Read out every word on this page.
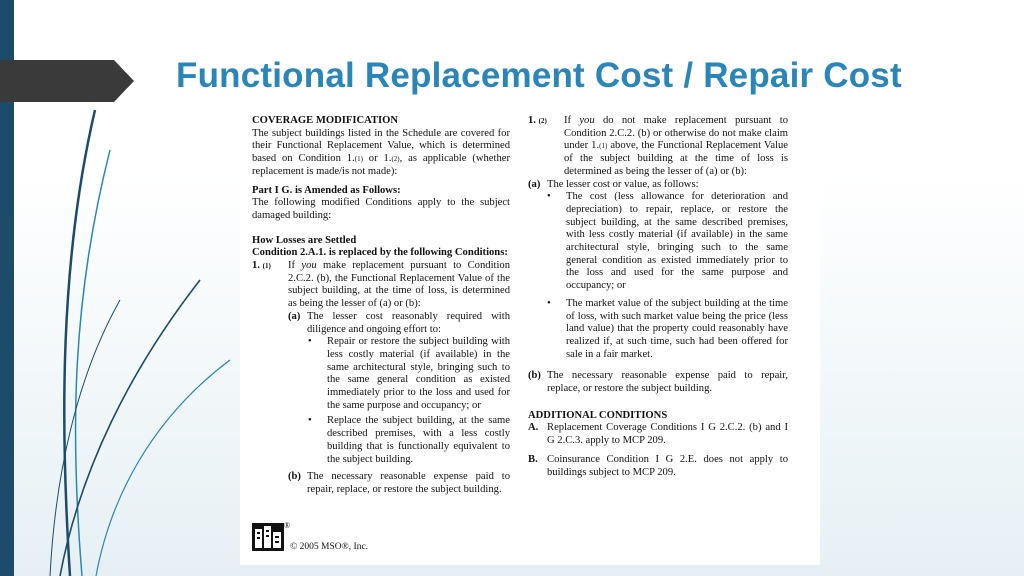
Functional Replacement Cost / Repair Cost
COVERAGE MODIFICATION
The subject buildings listed in the Schedule are covered for their Functional Replacement Value, which is determined based on Condition 1.(1) or 1.(2), as applicable (whether replacement is made/is not made):
Part I G. is Amended as Follows:
The following modified Conditions apply to the subject damaged building:
How Losses are Settled
Condition 2.A.1. is replaced by the following Conditions:
1. (1)	If you make replacement pursuant to Condition 2.C.2. (b), the Functional Replacement Value of the subject building, at the time of loss, is determined as being the lesser of (a) or (b):
(a) The lesser cost reasonably required with diligence and ongoing effort to:
•	Repair or restore the subject building with less costly material (if available) in the same architectural style, bringing such to the same general condition as existed immediately prior to the loss and used for the same purpose and occupancy; or
•	Replace the subject building, at the same described premises, with a less costly building that is functionally equivalent to the subject building.
(b) The necessary reasonable expense paid to repair, replace, or restore the subject building.
1. (2)	If you do not make replacement pursuant to Condition 2.C.2. (b) or otherwise do not make claim under 1.(1) above, the Functional Replacement Value of the subject building at the time of loss is determined as being the lesser of (a) or (b):
(a) The lesser cost or value, as follows:
•	The cost (less allowance for deterioration and depreciation) to repair, replace, or restore the subject building, at the same described premises, with less costly material (if available) in the same architectural style, bringing such to the same general condition as existed immediately prior to the loss and used for the same purpose and occupancy; or
•	The market value of the subject building at the time of loss, with such market value being the price (less land value) that the property could reasonably have realized if, at such time, such had been offered for sale in a fair market.
(b) The necessary reasonable expense paid to repair, replace, or restore the subject building.
ADDITIONAL CONDITIONS
A. Replacement Coverage Conditions I G 2.C.2. (b) and I G 2.C.3. apply to MCP 209.
B. Coinsurance Condition I G 2.E. does not apply to buildings subject to MCP 209.
®
© 2005 MSO®, Inc.
